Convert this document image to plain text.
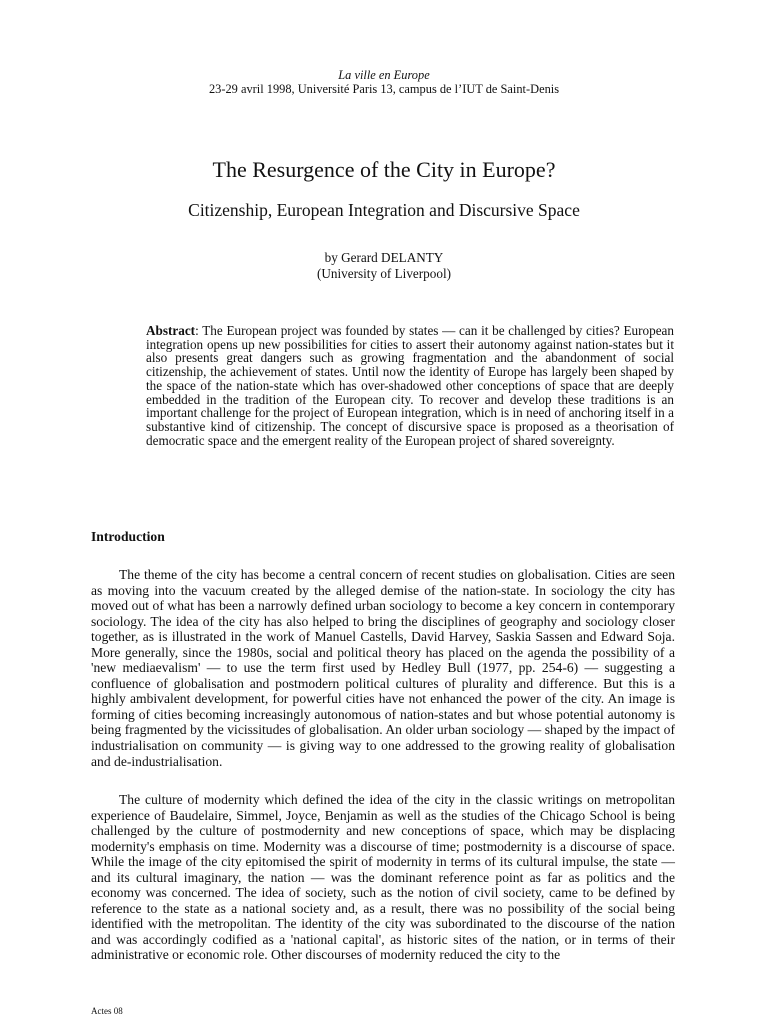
La ville en Europe
23-29 avril 1998, Université Paris 13, campus de l’IUT de Saint-Denis
The Resurgence of the City in Europe?
Citizenship, European Integration and Discursive Space
by Gerard DELANTY
(University of Liverpool)
Abstract: The European project was founded by states — can it be challenged by cities? European integration opens up new possibilities for cities to assert their autonomy against nation-states but it also presents great dangers such as growing fragmentation and the abandonment of social citizenship, the achievement of states. Until now the identity of Europe has largely been shaped by the space of the nation-state which has over-shadowed other conceptions of space that are deeply embedded in the tradition of the European city. To recover and develop these traditions is an important challenge for the project of European integration, which is in need of anchoring itself in a substantive kind of citizenship. The concept of discursive space is proposed as a theorisation of democratic space and the emergent reality of the European project of shared sovereignty.
Introduction

The theme of the city has become a central concern of recent studies on globalisation. Cities are seen as moving into the vacuum created by the alleged demise of the nation-state. In sociology the city has moved out of what has been a narrowly defined urban sociology to become a key concern in contemporary sociology. The idea of the city has also helped to bring the disciplines of geography and sociology closer together, as is illustrated in the work of Manuel Castells, David Harvey, Saskia Sassen and Edward Soja. More generally, since the 1980s, social and political theory has placed on the agenda the possibility of a 'new mediaevalism' — to use the term first used by Hedley Bull (1977, pp. 254-6) — suggesting a confluence of globalisation and postmodern political cultures of plurality and difference. But this is a highly ambivalent development, for powerful cities have not enhanced the power of the city. An image is forming of cities becoming increasingly autonomous of nation-states and but whose potential autonomy is being fragmented by the vicissitudes of globalisation. An older urban sociology — shaped by the impact of industrialisation on community — is giving way to one addressed to the growing reality of globalisation and de-industrialisation.

The culture of modernity which defined the idea of the city in the classic writings on metropolitan experience of Baudelaire, Simmel, Joyce, Benjamin as well as the studies of the Chicago School is being challenged by the culture of postmodernity and new conceptions of space, which may be displacing modernity's emphasis on time. Modernity was a discourse of time; postmodernity is a discourse of space. While the image of the city epitomised the spirit of modernity in terms of its cultural impulse, the state — and its cultural imaginary, the nation — was the dominant reference point as far as politics and the economy was concerned. The idea of society, such as the notion of civil society, came to be defined by reference to the state as a national society and, as a result, there was no possibility of the social being identified with the metropolitan. The identity of the city was subordinated to the discourse of the nation and was accordingly codified as a 'national capital', as historic sites of the nation, or in terms of their administrative or economic role. Other discourses of modernity reduced the city to the

Actes 08
